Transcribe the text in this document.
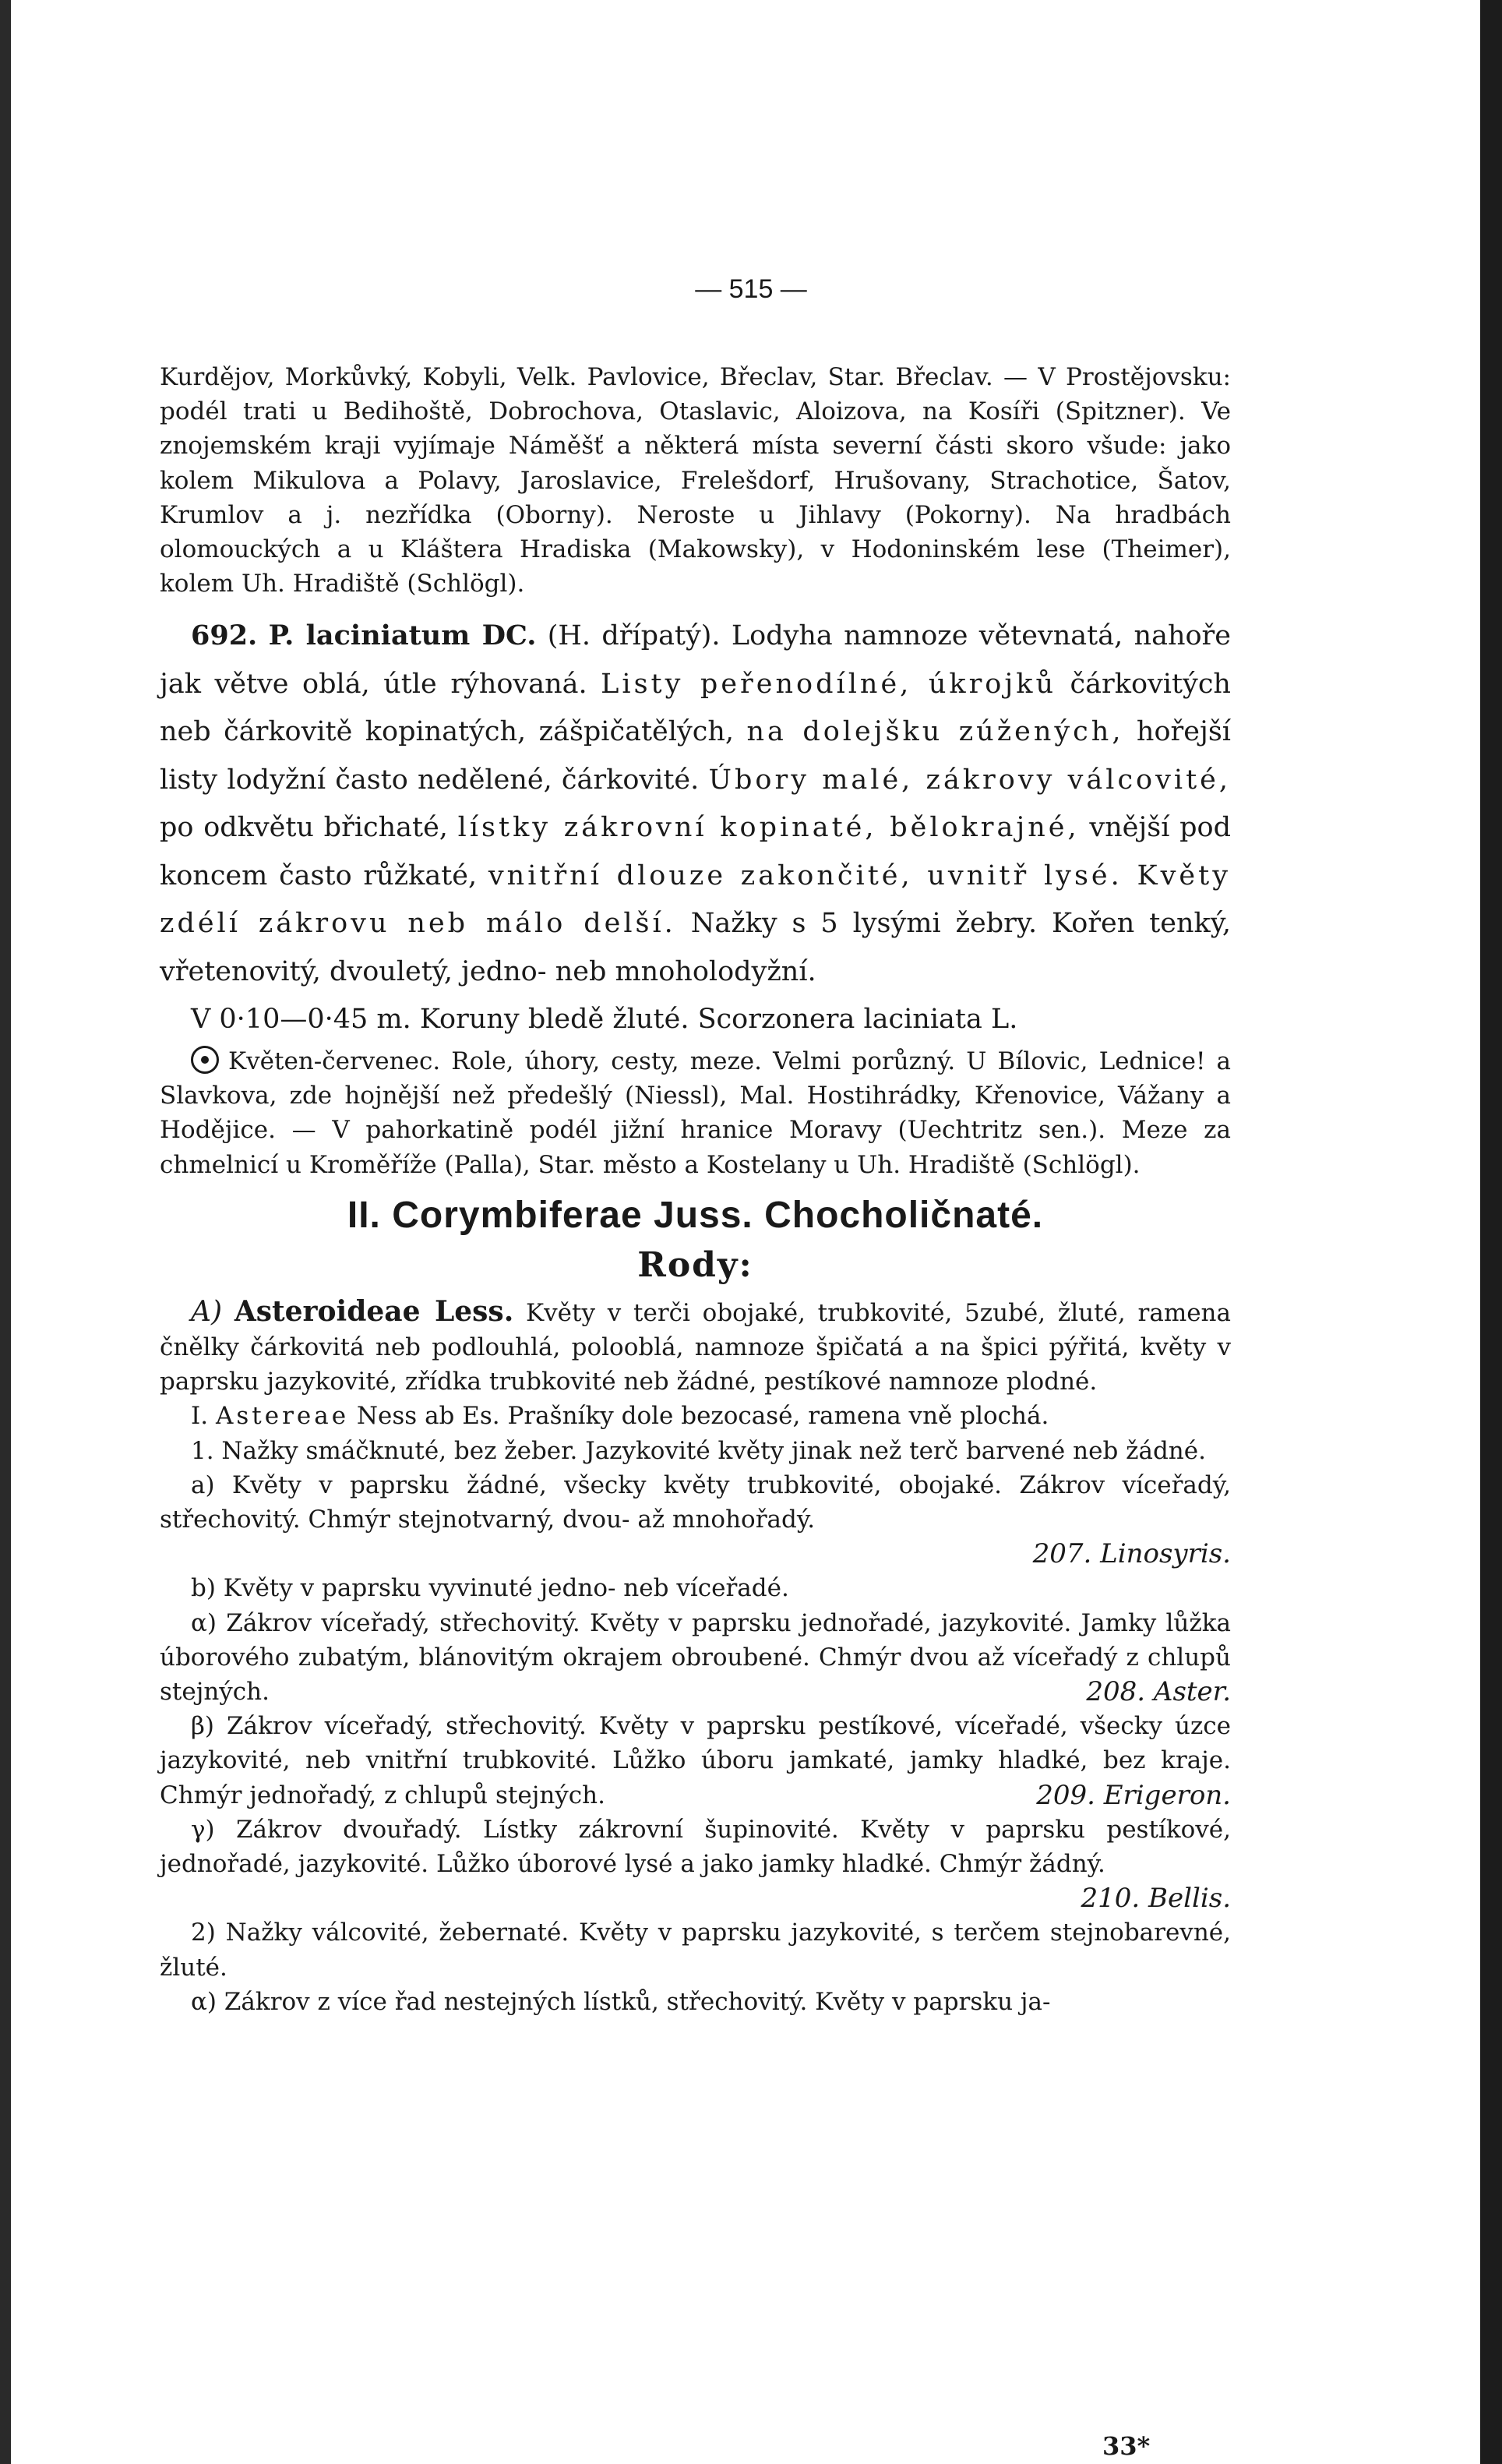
— 515 —

Kurdějov, Morkůvký, Kobyli, Velk. Pavlovice, Břeclav, Star. Břeclav. — V Prostějovsku: podél trati u Bedihoště, Dobrochova, Otaslavic, Aloizova, na Kosíři (Spitzner). Ve znojemském kraji vyjímaje Náměšť a některá místa severní části skoro všude: jako kolem Mikulova a Polavy, Jaroslavice, Frelešdorf, Hrušovany, Strachotice, Šatov, Krumlov a j. nezřídka (Oborny). Neroste u Jihlavy (Pokorny). Na hradbách olomouckých a u Kláštera Hradiska (Makowsky), v Hodoninském lese (Theimer), kolem Uh. Hradiště (Schlögl).

692. P. laciniatum DC. (H. dřípatý). Lodyha namnoze větevnatá, nahoře jak větve oblá, útle rýhovaná. Listy peřenodílné, úkrojků čárkovitých neb čárkovitě kopinatých, zášpičatělých, na dolejšku zúžených, hořejší listy lodyžní často nedělené, čárkovité. Úbory malé, zákrovy válcovité, po odkvětu břichaté, lístky zákrovní kopinaté, bělokrajné, vnější pod koncem často růžkaté, vnitřní dlouze zakončité, uvnitř lysé. Květy zdélí zákrovu neb málo delší. Nažky s 5 lysými žebry. Kořen tenký, vřetenovitý, dvouletý, jedno- neb mnoholodyžní.
V 0·10—0·45 m. Koruny bledě žluté. Scorzonera laciniata L.

Květen-červenec. Role, úhory, cesty, meze. Velmi porůzný. U Bílovic, Lednice! a Slavkova, zde hojnější než předešlý (Niessl), Mal. Hostihrádky, Křenovice, Vážany a Hodějice. — V pahorkatině podél jižní hranice Moravy (Uechtritz sen.). Meze za chmelnicí u Kroměříže (Palla), Star. město a Kostelany u Uh. Hradiště (Schlögl).

II. Corymbiferae Juss. Chocholičnaté.
Rody:

A) Asteroideae Less. Květy v terči obojaké, trubkovité, 5zubé, žluté, ramena čnělky čárkovitá neb podlouhlá, polooblá, namnoze špičatá a na špici pýřitá, květy v paprsku jazykovité, zřídka trubkovité neb žádné, pestíkové namnoze plodné.

I. Astereae Ness ab Es. Prašníky dole bezocasé, ramena vně plochá.

1. Nažky smáčknuté, bez žeber. Jazykovité květy jinak než terč barvené neb žádné.

a) Květy v paprsku žádné, všecky květy trubkovité, obojaké. Zákrov víceřadý, střechovitý. Chmýr stejnotvarný, dvou- až mnohořadý.

207. Linosyris.

b) Květy v paprsku vyvinuté jedno- neb víceřadé.

α) Zákrov víceřadý, střechovitý. Květy v paprsku jednořadé, jazykovité. Jamky lůžka úborového zubatým, blánovitým okrajem obroubené. Chmýr dvou až víceřadý z chlupů stejných.	208. Aster.

β) Zákrov víceřadý, střechovitý. Květy v paprsku pestíkové, víceřadé, všecky úzce jazykovité, neb vnitřní trubkovité. Lůžko úboru jamkaté, jamky hladké, bez kraje. Chmýr jednořadý, z chlupů stejných.	209. Erigeron.

γ) Zákrov dvouřadý. Lístky zákrovní šupinovité. Květy v paprsku pestíkové, jednořadé, jazykovité. Lůžko úborové lysé a jako jamky hladké. Chmýr žádný.
210. Bellis.

2) Nažky válcovité, žebernaté. Květy v paprsku jazykovité, s terčem stejnobarevné, žluté.

α) Zákrov z více řad nestejných lístků, střechovitý. Květy v paprsku ja-

33*
